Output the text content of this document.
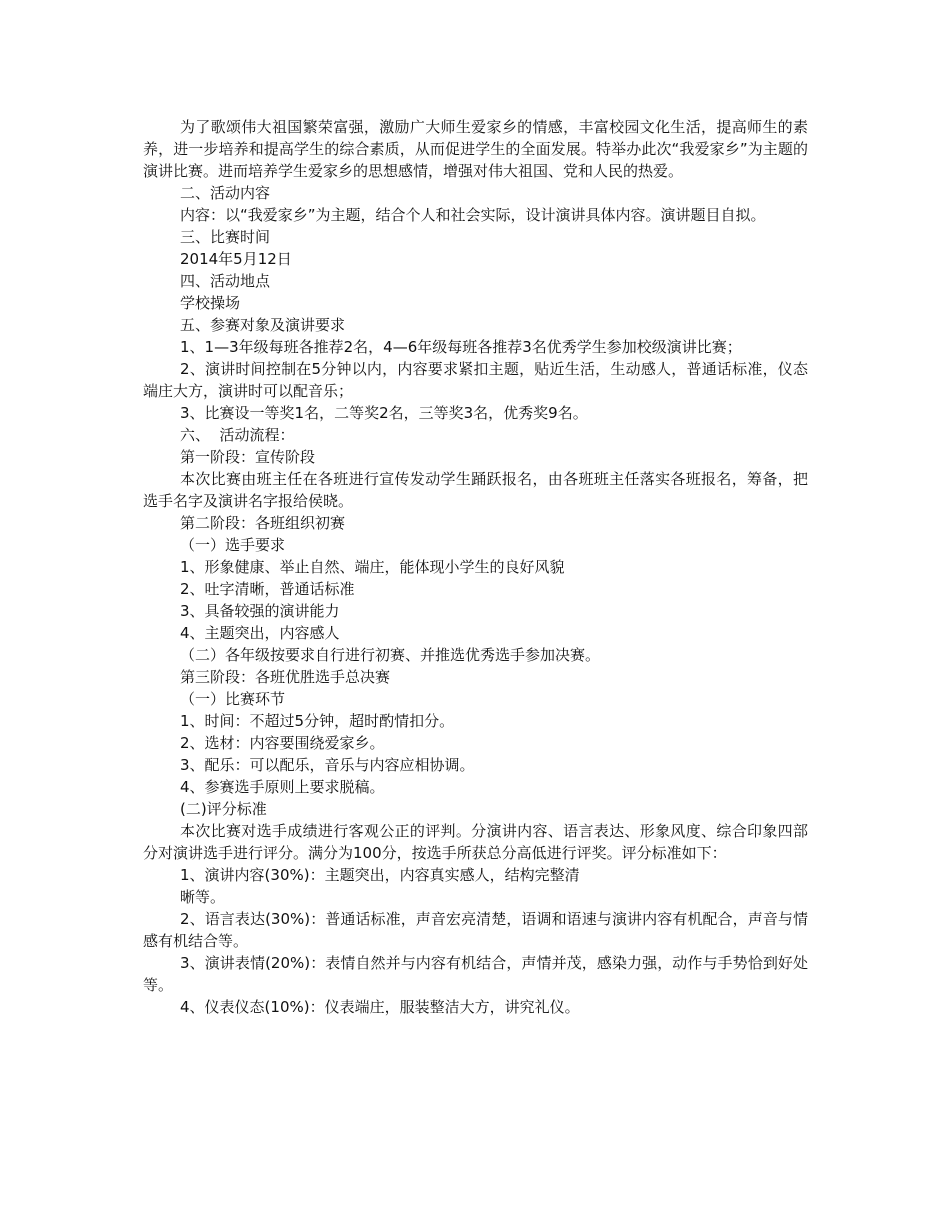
为了歌颂伟大祖国繁荣富强，激励广大师生爱家乡的情感，丰富校园文化生活，提高师生的素养，进一步培养和提高学生的综合素质，从而促进学生的全面发展。特举办此次“我爱家乡”为主题的演讲比赛。进而培养学生爱家乡的思想感情，增强对伟大祖国、党和人民的热爱。

二、活动内容

内容：以“我爱家乡”为主题，结合个人和社会实际，设计演讲具体内容。演讲题目自拟。

三、比赛时间

2014年5月12日

四、活动地点

学校操场

五、参赛对象及演讲要求

1、1—3年级每班各推荐2名，4—6年级每班各推荐3名优秀学生参加校级演讲比赛；

2、演讲时间控制在5分钟以内，内容要求紧扣主题，贴近生活，生动感人，普通话标准，仪态端庄大方，演讲时可以配音乐；

3、比赛设一等奖1名，二等奖2名，三等奖3名，优秀奖9名。

六、  活动流程：

第一阶段：宣传阶段

本次比赛由班主任在各班进行宣传发动学生踊跃报名，由各班班主任落实各班报名，筹备，把选手名字及演讲名字报给侯晓。

第二阶段：各班组织初赛

（一）选手要求

1、形象健康、举止自然、端庄，能体现小学生的良好风貌

2、吐字清晰，普通话标准

3、具备较强的演讲能力

4、主题突出，内容感人

（二）各年级按要求自行进行初赛、并推选优秀选手参加决赛。

第三阶段：各班优胜选手总决赛

（一）比赛环节

1、时间：不超过5分钟，超时酌情扣分。

2、选材：内容要围绕爱家乡。

3、配乐：可以配乐，音乐与内容应相协调。

4、参赛选手原则上要求脱稿。

(二)评分标准

本次比赛对选手成绩进行客观公正的评判。分演讲内容、语言表达、形象风度、综合印象四部分对演讲选手进行评分。满分为100分，按选手所获总分高低进行评奖。评分标准如下：

1、演讲内容(30%)：主题突出，内容真实感人，结构完整清

晰等。

2、语言表达(30%)：普通话标准，声音宏亮清楚，语调和语速与演讲内容有机配合，声音与情感有机结合等。

3、演讲表情(20%)：表情自然并与内容有机结合，声情并茂，感染力强，动作与手势恰到好处等。

4、仪表仪态(10%)：仪表端庄，服装整洁大方，讲究礼仪。
